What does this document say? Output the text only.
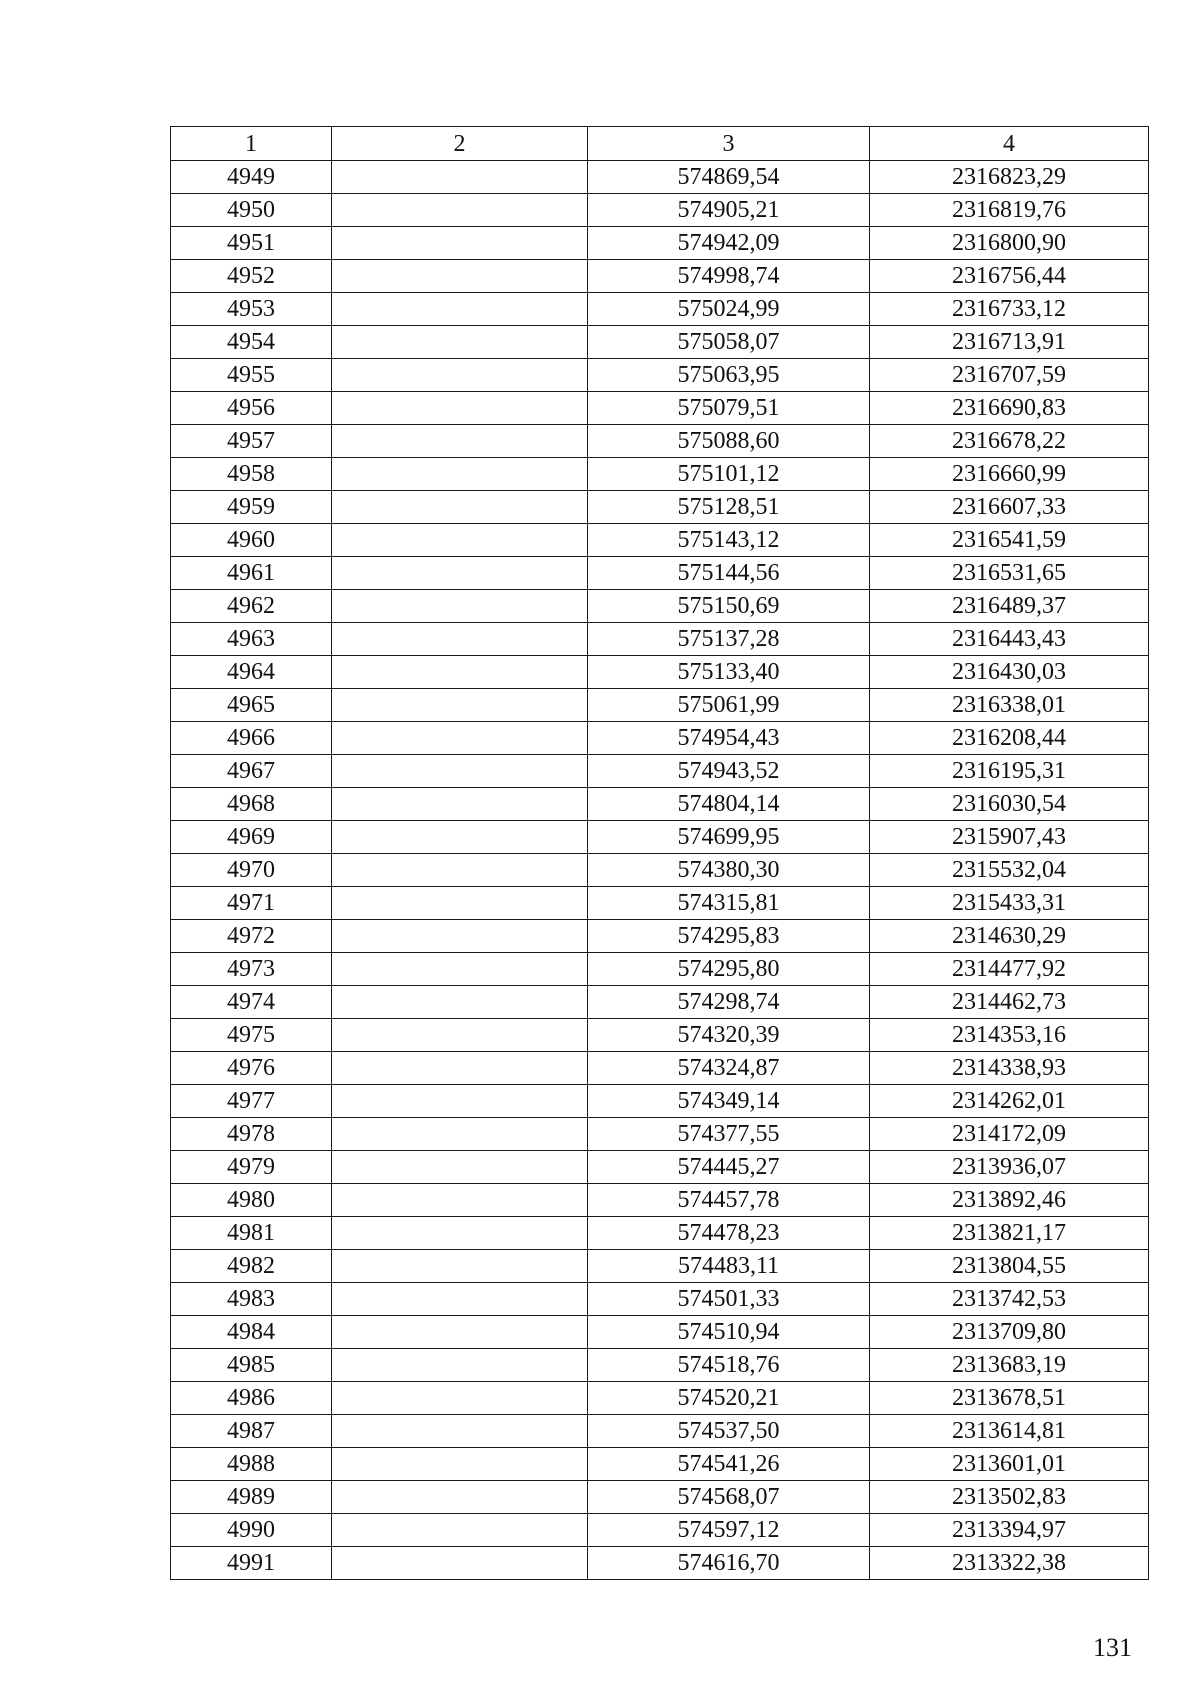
1	2	3	4
4949		574869,54	2316823,29
4950		574905,21	2316819,76
4951		574942,09	2316800,90
4952		574998,74	2316756,44
4953		575024,99	2316733,12
4954		575058,07	2316713,91
4955		575063,95	2316707,59
4956		575079,51	2316690,83
4957		575088,60	2316678,22
4958		575101,12	2316660,99
4959		575128,51	2316607,33
4960		575143,12	2316541,59
4961		575144,56	2316531,65
4962		575150,69	2316489,37
4963		575137,28	2316443,43
4964		575133,40	2316430,03
4965		575061,99	2316338,01
4966		574954,43	2316208,44
4967		574943,52	2316195,31
4968		574804,14	2316030,54
4969		574699,95	2315907,43
4970		574380,30	2315532,04
4971		574315,81	2315433,31
4972		574295,83	2314630,29
4973		574295,80	2314477,92
4974		574298,74	2314462,73
4975		574320,39	2314353,16
4976		574324,87	2314338,93
4977		574349,14	2314262,01
4978		574377,55	2314172,09
4979		574445,27	2313936,07
4980		574457,78	2313892,46
4981		574478,23	2313821,17
4982		574483,11	2313804,55
4983		574501,33	2313742,53
4984		574510,94	2313709,80
4985		574518,76	2313683,19
4986		574520,21	2313678,51
4987		574537,50	2313614,81
4988		574541,26	2313601,01
4989		574568,07	2313502,83
4990		574597,12	2313394,97
4991		574616,70	2313322,38
131
